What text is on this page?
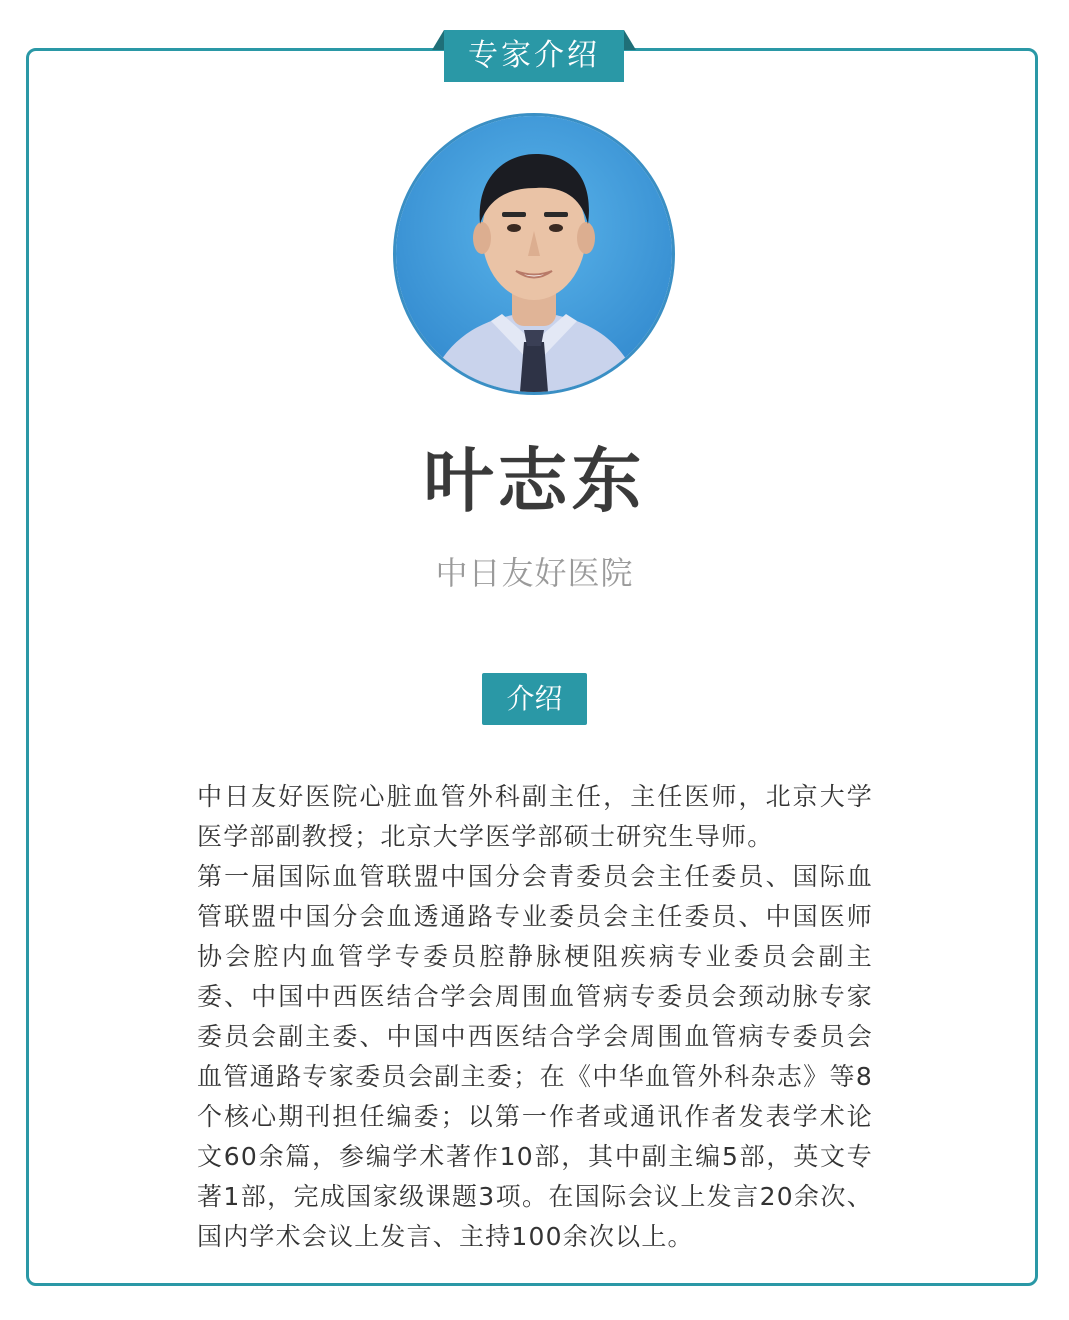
专家介绍
叶志东
中日友好医院
介绍

中日友好医院心脏血管外科副主任，主任医师，北京大学医学部副教授；北京大学医学部硕士研究生导师。

第一届国际血管联盟中国分会青委员会主任委员、国际血管联盟中国分会血透通路专业委员会主任委员、中国医师协会腔内血管学专委员腔静脉梗阻疾病专业委员会副主委、中国中西医结合学会周围血管病专委员会颈动脉专家委员会副主委、中国中西医结合学会周围血管病专委员会血管通路专家委员会副主委；在《中华血管外科杂志》等8个核心期刊担任编委；以第一作者或通讯作者发表学术论文60余篇，参编学术著作10部，其中副主编5部，英文专著1部，完成国家级课题3项。在国际会议上发言20余次、国内学术会议上发言、主持100余次以上。
